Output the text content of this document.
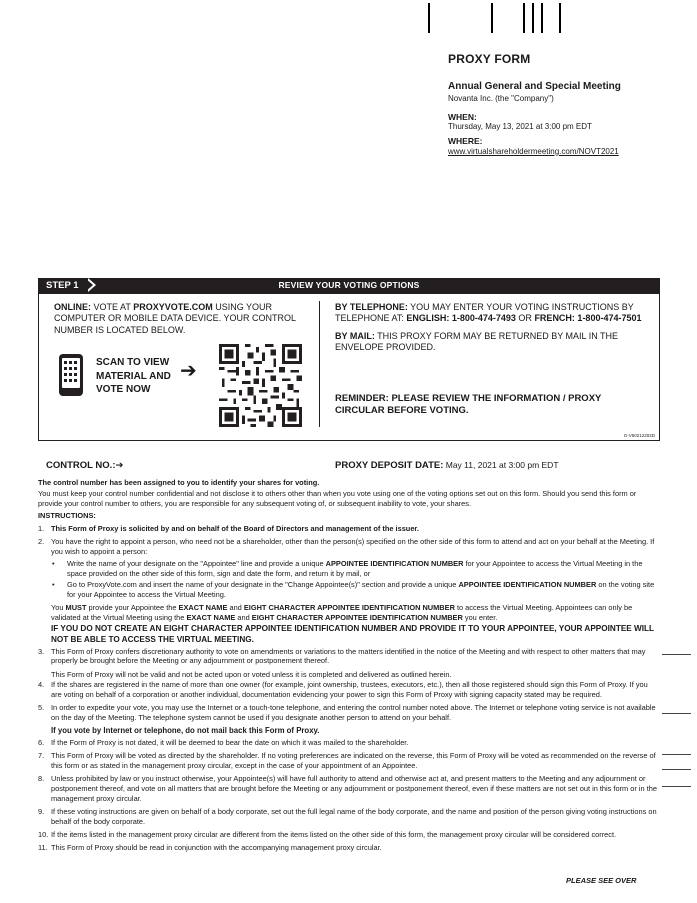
PROXY FORM
Annual General and Special Meeting
Novanta Inc. (the "Company")
WHEN:
Thursday, May 13, 2021 at 3:00 pm EDT
WHERE:
www.virtualshareholdermeeting.com/NOVT2021
REVIEW YOUR VOTING OPTIONS
STEP 1
ONLINE: VOTE AT PROXYVOTE.COM USING YOUR COMPUTER OR MOBILE DATA DEVICE. YOUR CONTROL NUMBER IS LOCATED BELOW.
SCAN TO VIEW
MATERIAL AND
VOTE NOW
➔

BY TELEPHONE: YOU MAY ENTER YOUR VOTING INSTRUCTIONS BY TELEPHONE AT: ENGLISH: 1-800-474-7493 OR FRENCH: 1-800-474-7501

BY MAIL: THIS PROXY FORM MAY BE RETURNED BY MAIL IN THE ENVELOPE PROVIDED.

REMINDER: PLEASE REVIEW THE INFORMATION / PROXY CIRCULAR BEFORE VOTING.
G-V50212202D
CONTROL NO.:➔	PROXY DEPOSIT DATE: May 11, 2021 at 3:00 pm EDT

The control number has been assigned to you to identify your shares for voting.

You must keep your control number confidential and not disclose it to others other than when you vote using one of the voting options set out on this form. Should you send this form or provide your control number to others, you are responsible for any subsequent voting of, or subsequent inability to vote, your shares.

INSTRUCTIONS:

1. This Form of Proxy is solicited by and on behalf of the Board of Directors and management of the issuer.
2. You have the right to appoint a person, who need not be a shareholder, other than the person(s) specified on the other side of this form to attend and act on your behalf at the Meeting. If you wish to appoint a person:
• Write the name of your designate on the "Appointee" line and provide a unique APPOINTEE IDENTIFICATION NUMBER for your Appointee to access the Virtual Meeting in the space provided on the other side of this form, sign and date the form, and return it by mail, or
• Go to ProxyVote.com and insert the name of your designate in the "Change Appointee(s)" section and provide a unique APPOINTEE IDENTIFICATION NUMBER on the voting site for your Appointee to access the Virtual Meeting.

You MUST provide your Appointee the EXACT NAME and EIGHT CHARACTER APPOINTEE IDENTIFICATION NUMBER to access the Virtual Meeting. Appointees can only be validated at the Virtual Meeting using the EXACT NAME and EIGHT CHARACTER APPOINTEE IDENTIFICATION NUMBER you enter.

IF YOU DO NOT CREATE AN EIGHT CHARACTER APPOINTEE IDENTIFICATION NUMBER AND PROVIDE IT TO YOUR APPOINTEE, YOUR APPOINTEE WILL NOT BE ABLE TO ACCESS THE VIRTUAL MEETING.

3. This Form of Proxy confers discretionary authority to vote on amendments or variations to the matters identified in the notice of the Meeting and with respect to other matters that may properly be brought before the Meeting or any adjournment or postponement thereof.

This Form of Proxy will not be valid and not be acted upon or voted unless it is completed and delivered as outlined herein.

4. If the shares are registered in the name of more than one owner (for example, joint ownership, trustees, executors, etc.), then all those registered should sign this Form of Proxy. If you are voting on behalf of a corporation or another individual, documentation evidencing your power to sign this Form of Proxy with signing capacity stated may be required.
5. In order to expedite your vote, you may use the Internet or a touch-tone telephone, and entering the control number noted above. The Internet or telephone voting service is not available on the day of the Meeting. The telephone system cannot be used if you designate another person to attend on your behalf.

If you vote by Internet or telephone, do not mail back this Form of Proxy.

6. If the Form of Proxy is not dated, it will be deemed to bear the date on which it was mailed to the shareholder.
7. This Form of Proxy will be voted as directed by the shareholder. If no voting preferences are indicated on the reverse, this Form of Proxy will be voted as recommended on the reverse of this form or as stated in the management proxy circular, except in the case of your appointment of an Appointee.
8. Unless prohibited by law or you instruct otherwise, your Appointee(s) will have full authority to attend and otherwise act at, and present matters to the Meeting and any adjournment or postponement thereof, and vote on all matters that are brought before the Meeting or any adjournment or postponement thereof, even if these matters are not set out in this form or in the management proxy circular.
9. If these voting instructions are given on behalf of a body corporate, set out the full legal name of the body corporate, and the name and position of the person giving voting instructions on behalf of the body corporate.
10. If the items listed in the management proxy circular are different from the items listed on the other side of this form, the management proxy circular will be considered correct.
11. This Form of Proxy should be read in conjunction with the accompanying management proxy circular.
PLEASE SEE OVER
